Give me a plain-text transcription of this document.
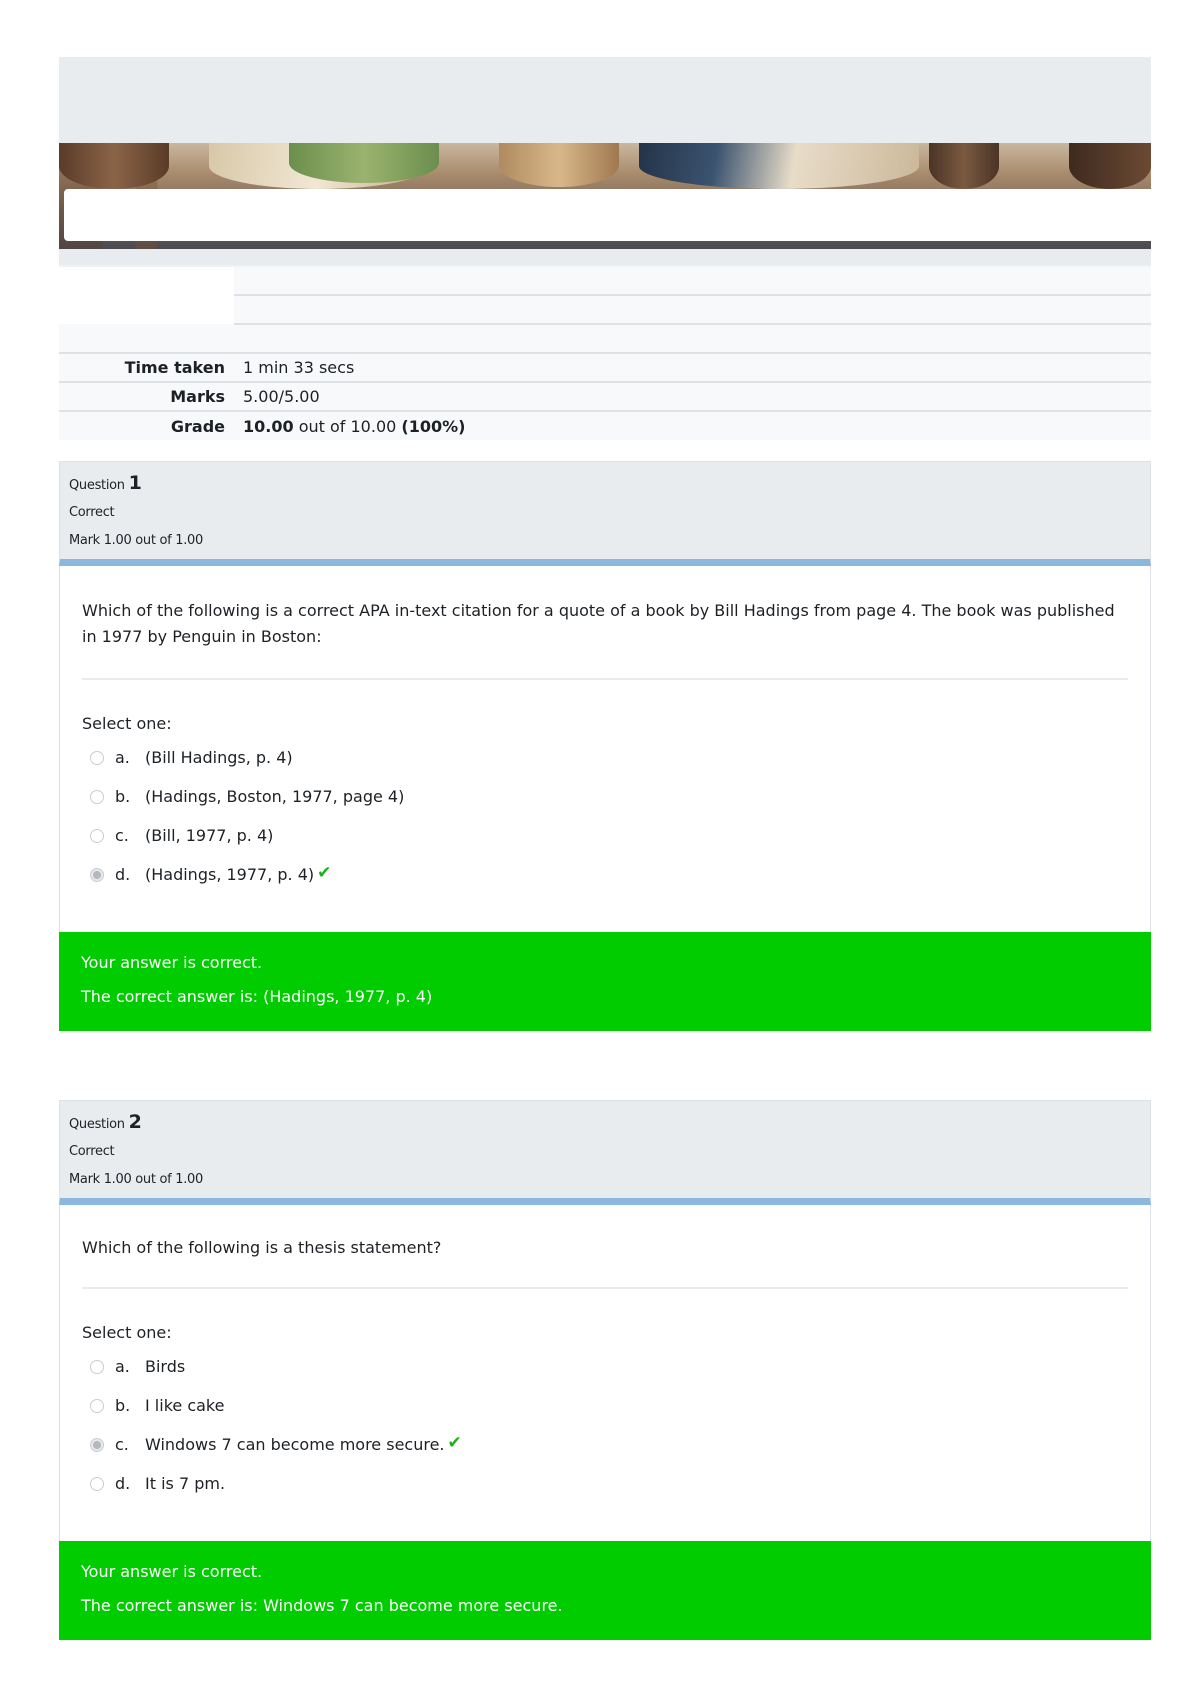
Time taken	1 min 33 secs
Marks	5.00/5.00
Grade	10.00 out of 10.00 (100%)
Question 1
Correct
Mark 1.00 out of 1.00
Which of the following is a correct APA in-text citation for a quote of a book by Bill Hadings from page 4. The book was published in 1977 by Penguin in Boston:
Select one:
a. (Bill Hadings, p. 4)
b. (Hadings, Boston, 1977, page 4)
c.	(Bill, 1977, p. 4)
d. (Hadings, 1977, p. 4) ✔
Your answer is correct.
The correct answer is: (Hadings, 1977, p. 4)
Question 2
Correct
Mark 1.00 out of 1.00
Which of the following is a thesis statement?
Select one:
a. Birds
b. I like cake
c.	Windows 7 can become more secure. ✔
d. It is 7 pm.
Your answer is correct.
The correct answer is: Windows 7 can become more secure.
